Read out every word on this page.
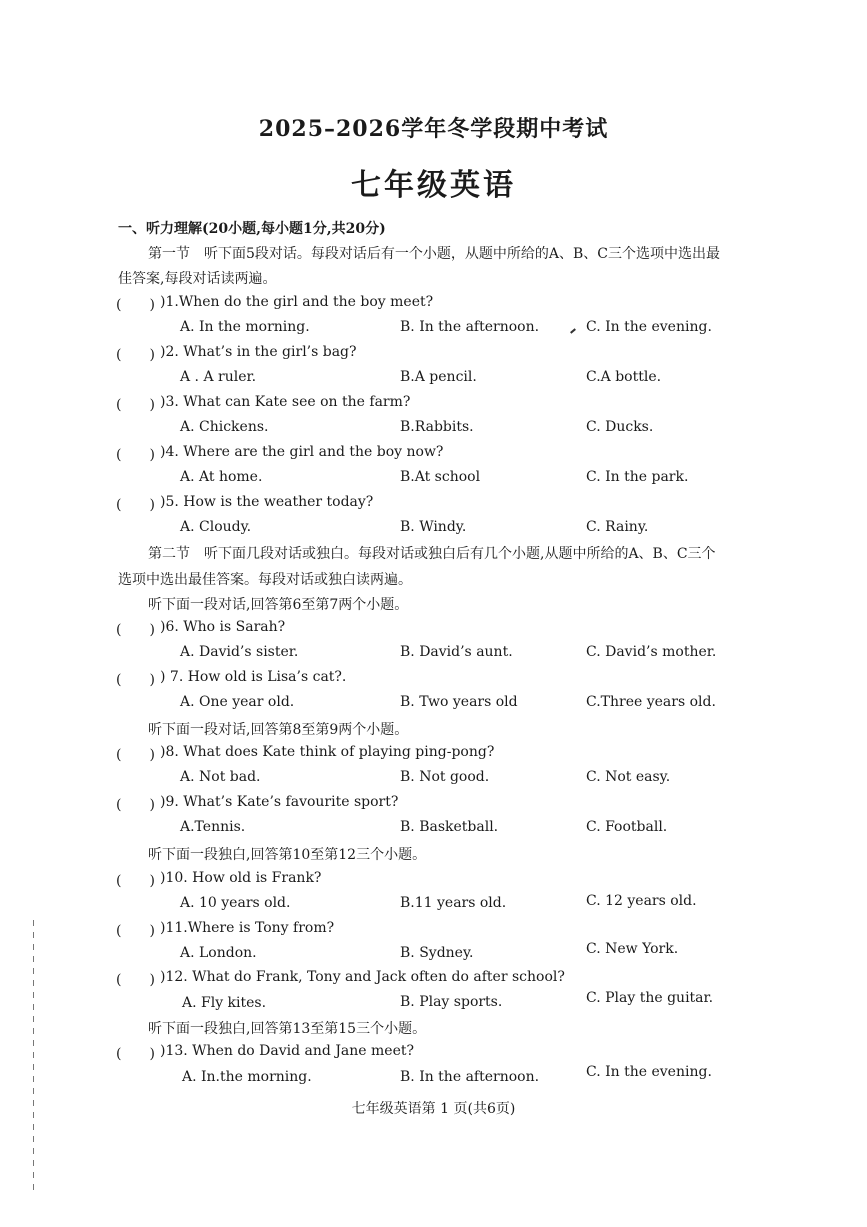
2025–2026学年冬学段期中考试
七年级英语
一、听力理解(20小题,每小题1分,共20分)
第一节　听下面5段对话。每段对话后有一个小题，从题中所给的A、B、C三个选项中选出最
佳答案,每段对话读两遍。
(　　) )1.When do the girl and the boy meet?
A. In the morning.	B. In the afternoon.	C. In the evening.
(　　) )2. What’s in the girl’s bag?
A . A ruler.	B.A pencil.	C.A bottle.
(　　) )3. What can Kate see on the farm?
A. Chickens.	B.Rabbits.	C. Ducks.
(　　) )4. Where are the girl and the boy now?
A. At home.	B.At school	C. In the park.
(　　) )5. How is the weather today?
A. Cloudy.	B. Windy.	C. Rainy.
第二节　听下面几段对话或独白。每段对话或独白后有几个小题,从题中所给的A、B、C三个
选项中选出最佳答案。每段对话或独白读两遍。
听下面一段对话,回答第6至第7两个小题。
(　　) )6. Who is Sarah?
A. David’s sister.	B. David’s aunt.	C. David’s mother.
(　　) ) 7. How old is Lisa’s cat?.
A. One year old.	B. Two years old	C.Three years old.
听下面一段对话,回答第8至第9两个小题。
(　　) )8. What does Kate think of playing ping-pong?
A. Not bad.	B. Not good.	C. Not easy.
(　　) )9. What’s Kate’s favourite sport?
A.Tennis.	B. Basketball.	C. Football.
听下面一段独白,回答第10至第12三个小题。
(　　) )10. How old is Frank?
A. 10 years old.	B.11 years old.	C. 12 years old.
(　　) )11.Where is Tony from?
A. London.	B. Sydney.	C. New York.
(　　) )12. What do Frank, Tony and Jack often do after school?
A. Fly kites.	B. Play sports.	C. Play the guitar.
听下面一段独白,回答第13至第15三个小题。
(　　) )13. When do David and Jane meet?
A. In.the morning.	B. In the afternoon.	C. In the evening.
七年级英语第 1 页(共6页)
